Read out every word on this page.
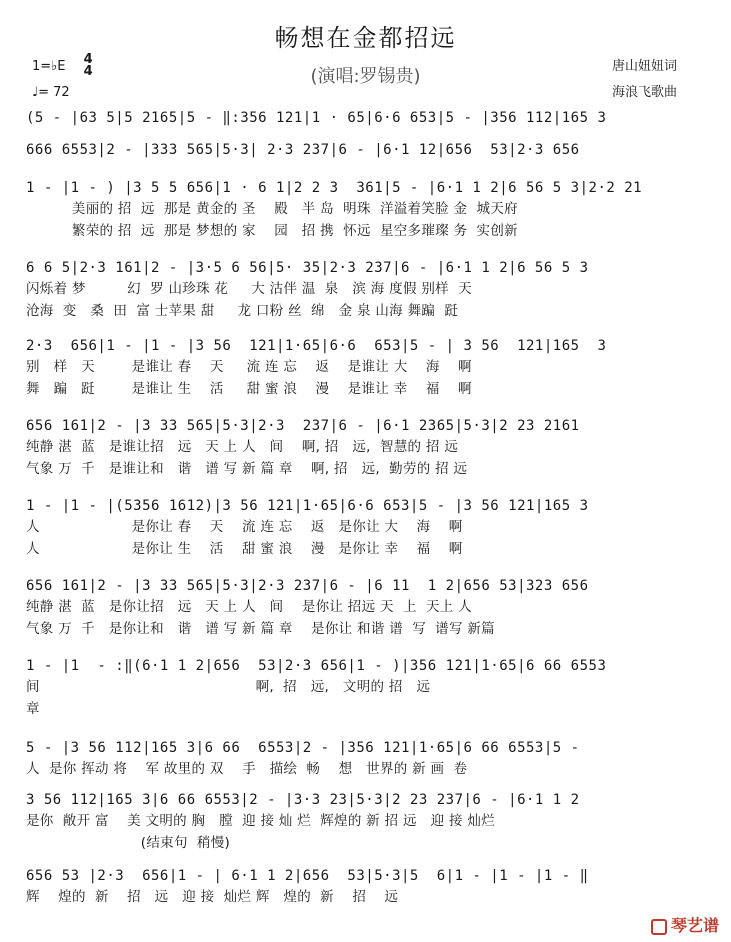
畅想在金都招远
(演唱:罗锡贵)
1=♭E 4
4
♩= 72
唐山妞妞词
海浪飞歌曲
(5 - |63 5|5 2165|5 - ‖:356 121|1 · 65|6·6 653|5 - |356 112|165 3
666 6553|2 - |333 565|5·3| 2·3 237|6 - |6·1 12|656  53|2·3 656
1 - |1 - ) |3 5 5 656|1 · 6 1|2 2 3  361|5 - |6·1 1 2|6 56 5 3|2·2 21
美丽的 招  远  那是 黄金的 圣    殿   半 岛  明珠  洋溢着笑脸 金  城天府
繁荣的 招  远  那是 梦想的 家    园   招 携  怀远  星空多璀璨 务  实创新
6 6 5|2·3 161|2 - |3·5 6 56|5· 35|2·3 237|6 - |6·1 1 2|6 56 5 3
闪烁着 梦         幻  罗 山珍珠 花     大 沽伴 温  泉   滨 海 度假 别样  天
沧海  变   桑  田  富 士苹果 甜     龙 口粉 丝  绵   金 泉 山海 舞蹁  跹
2·3  656|1 - |1 - |3 56  121|1·65|6·6  653|5 - | 3 56  121|165  3
别   样   天        是谁让 春    天     流 连 忘    返    是谁让 大    海    啊
舞   蹁   跹        是谁让 生    活     甜 蜜 浪    漫    是谁让 幸    福    啊
656 161|2 - |3 33 565|5·3|2·3  237|6 - |6·1 2365|5·3|2 23 2161
纯静 湛  蓝   是谁让招   远   天 上 人   间    啊, 招   远,  智慧的 招 远
气象 万  千   是谁让和   谐   谱 写 新 篇 章    啊, 招   远,  勤劳的 招 远
1 - |1 - |(5356 1612)|3 56 121|1·65|6·6 653|5 - |3 56 121|165 3
人                    是你让 春    天    流 连 忘    返   是你让 大    海    啊
人                    是你让 生    活    甜 蜜 浪    漫   是你让 幸    福    啊
656 161|2 - |3 33 565|5·3|2·3 237|6 - |6 11  1 2|656 53|323 656
纯静 湛  蓝   是你让招   远   天 上 人   间    是你让 招远 天  上  天上 人
气象 万  千   是你让和   谐   谱 写 新 篇 章    是你让 和谐 谱  写  谱写 新篇
1 - |1  - :‖(6·1 1 2|656  53|2·3 656|1 - )|356 121|1·65|6 66 6553
间                                               啊,  招   远,   文明的 招   远
章
5 - |3 56 112|165 3|6 66  6553|2 - |356 121|1·65|6 66 6553|5 -
人  是你 挥动 将    军 故里的 双    手   描绘  畅    想   世界的 新 画  卷
3 56 112|165 3|6 66 6553|2 - |3·3 23|5·3|2 23 237|6 - |6·1 1 2
是你  敞开 富    美 文明的 胸   膛  迎 接 灿 烂  辉煌的 新 招 远   迎 接 灿烂
(结束句  稍慢)
656 53 |2·3  656|1 - | 6·1 1 2|656  53|5·3|5  6|1 - |1 - |1 - ‖
辉    煌的  新    招   远   迎 接  灿烂 辉   煌的  新    招    远
琴艺谱
